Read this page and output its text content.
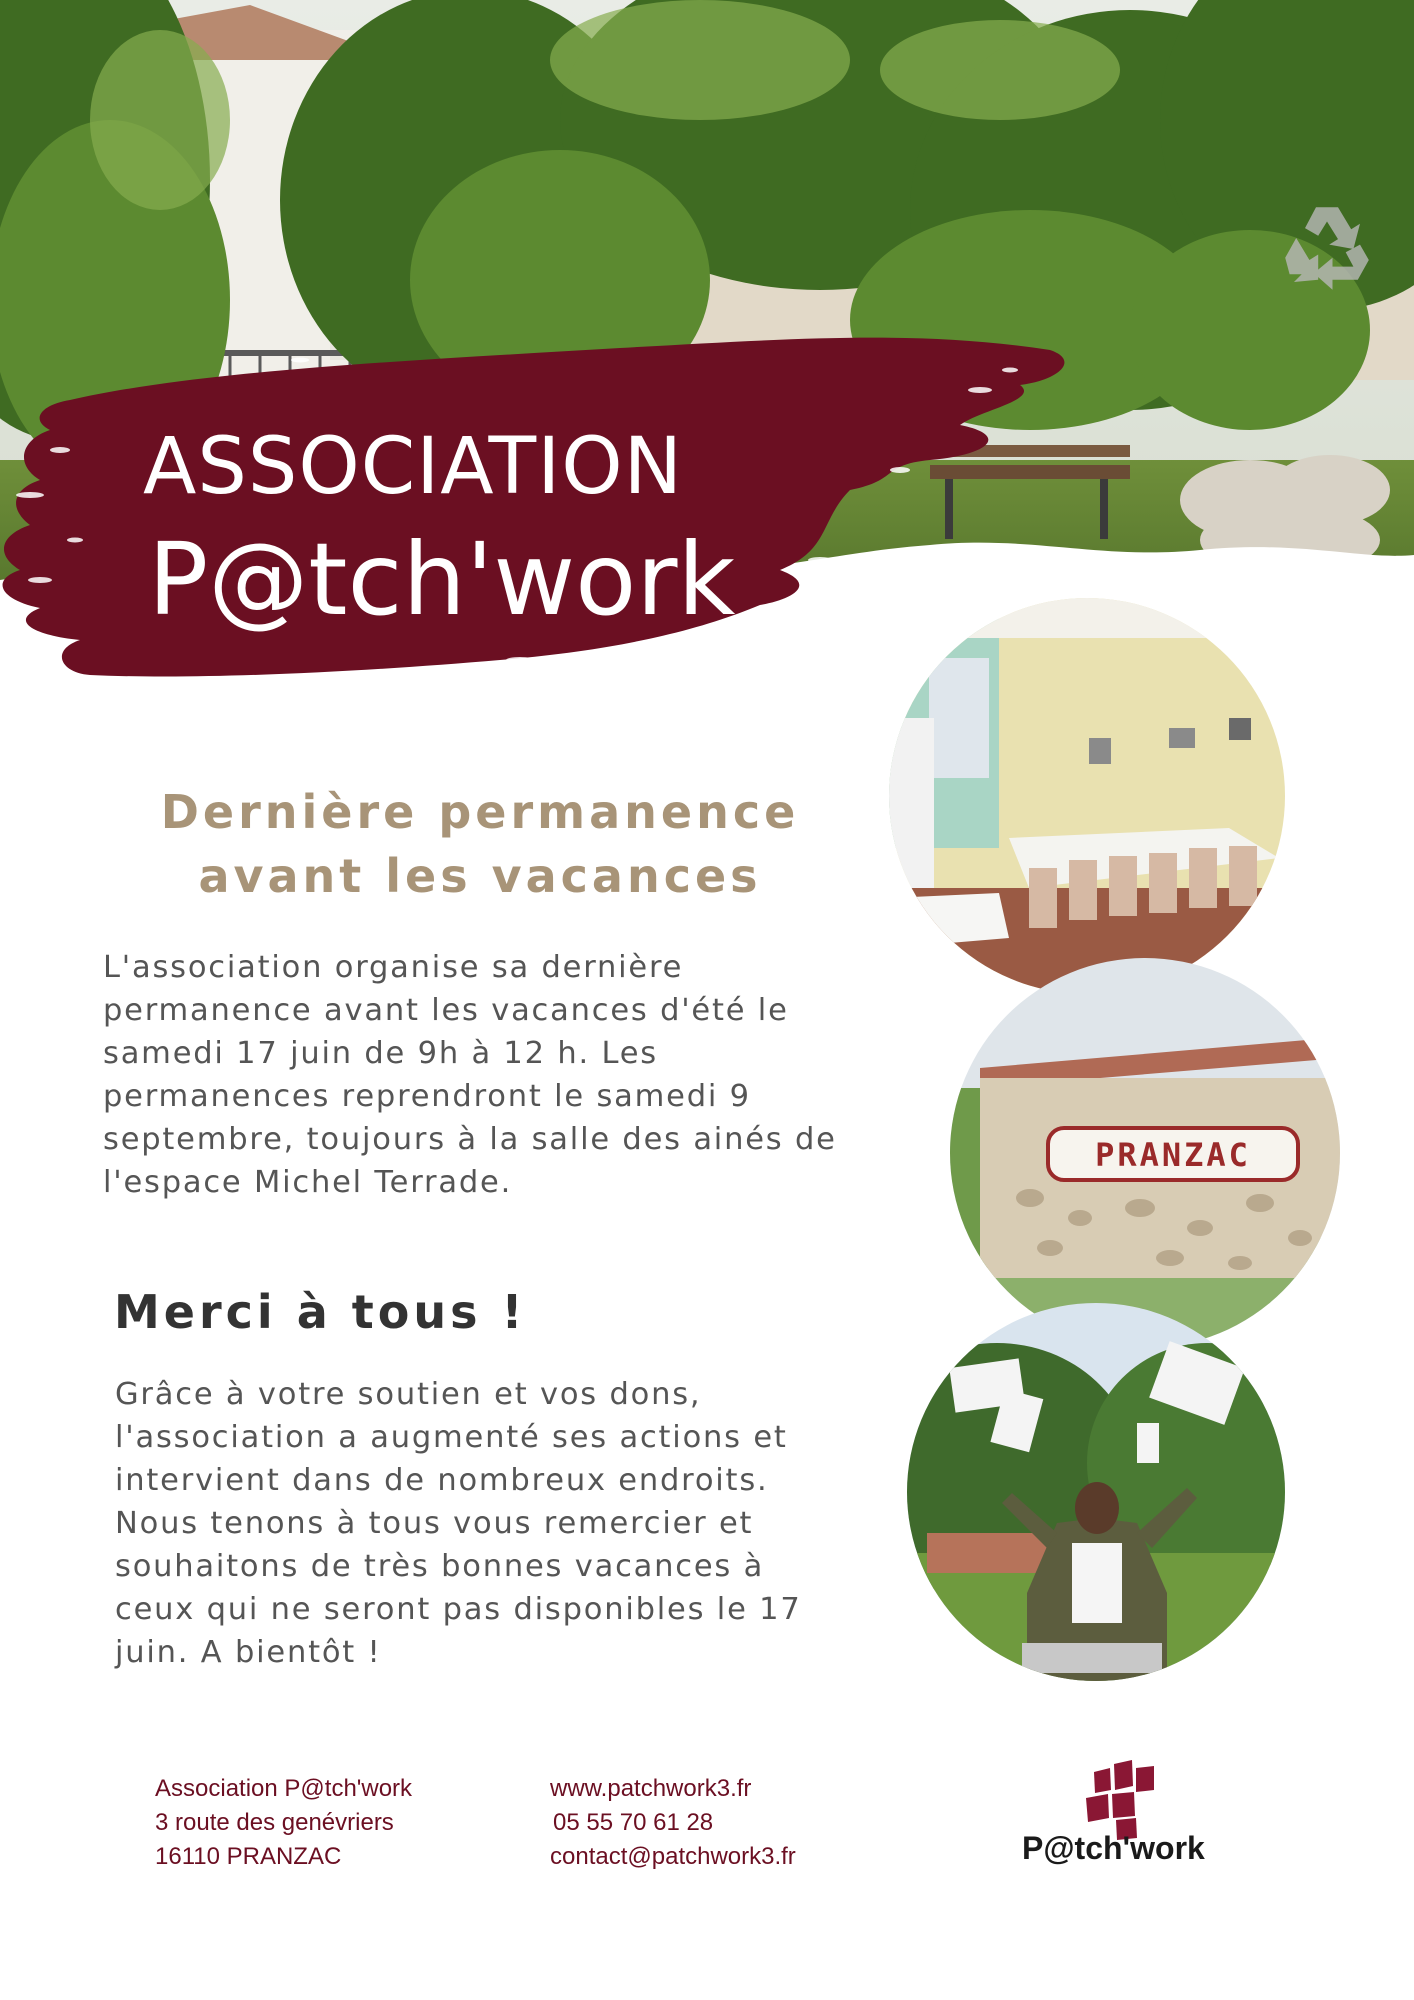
ASSOCIATION
P@tch'work
Dernière permanence
avant les vacances
L'association organise sa dernière permanence avant les vacances d'été le samedi 17 juin de 9h à 12 h. Les permanences reprendront le samedi 9 septembre, toujours à la salle des ainés de l'espace Michel Terrade.
Merci à tous !
Grâce à votre soutien et vos dons, l'association a augmenté ses actions et intervient dans de nombreux endroits. Nous tenons à tous vous remercier et souhaitons de très bonnes vacances à ceux qui ne seront pas disponibles le 17 juin. A bientôt !
PRANZAC
Association P@tch'work
3 route des genévriers
16110 PRANZAC
www.patchwork3.fr
05 55 70 61 28
contact@patchwork3.fr	P@tch'work
